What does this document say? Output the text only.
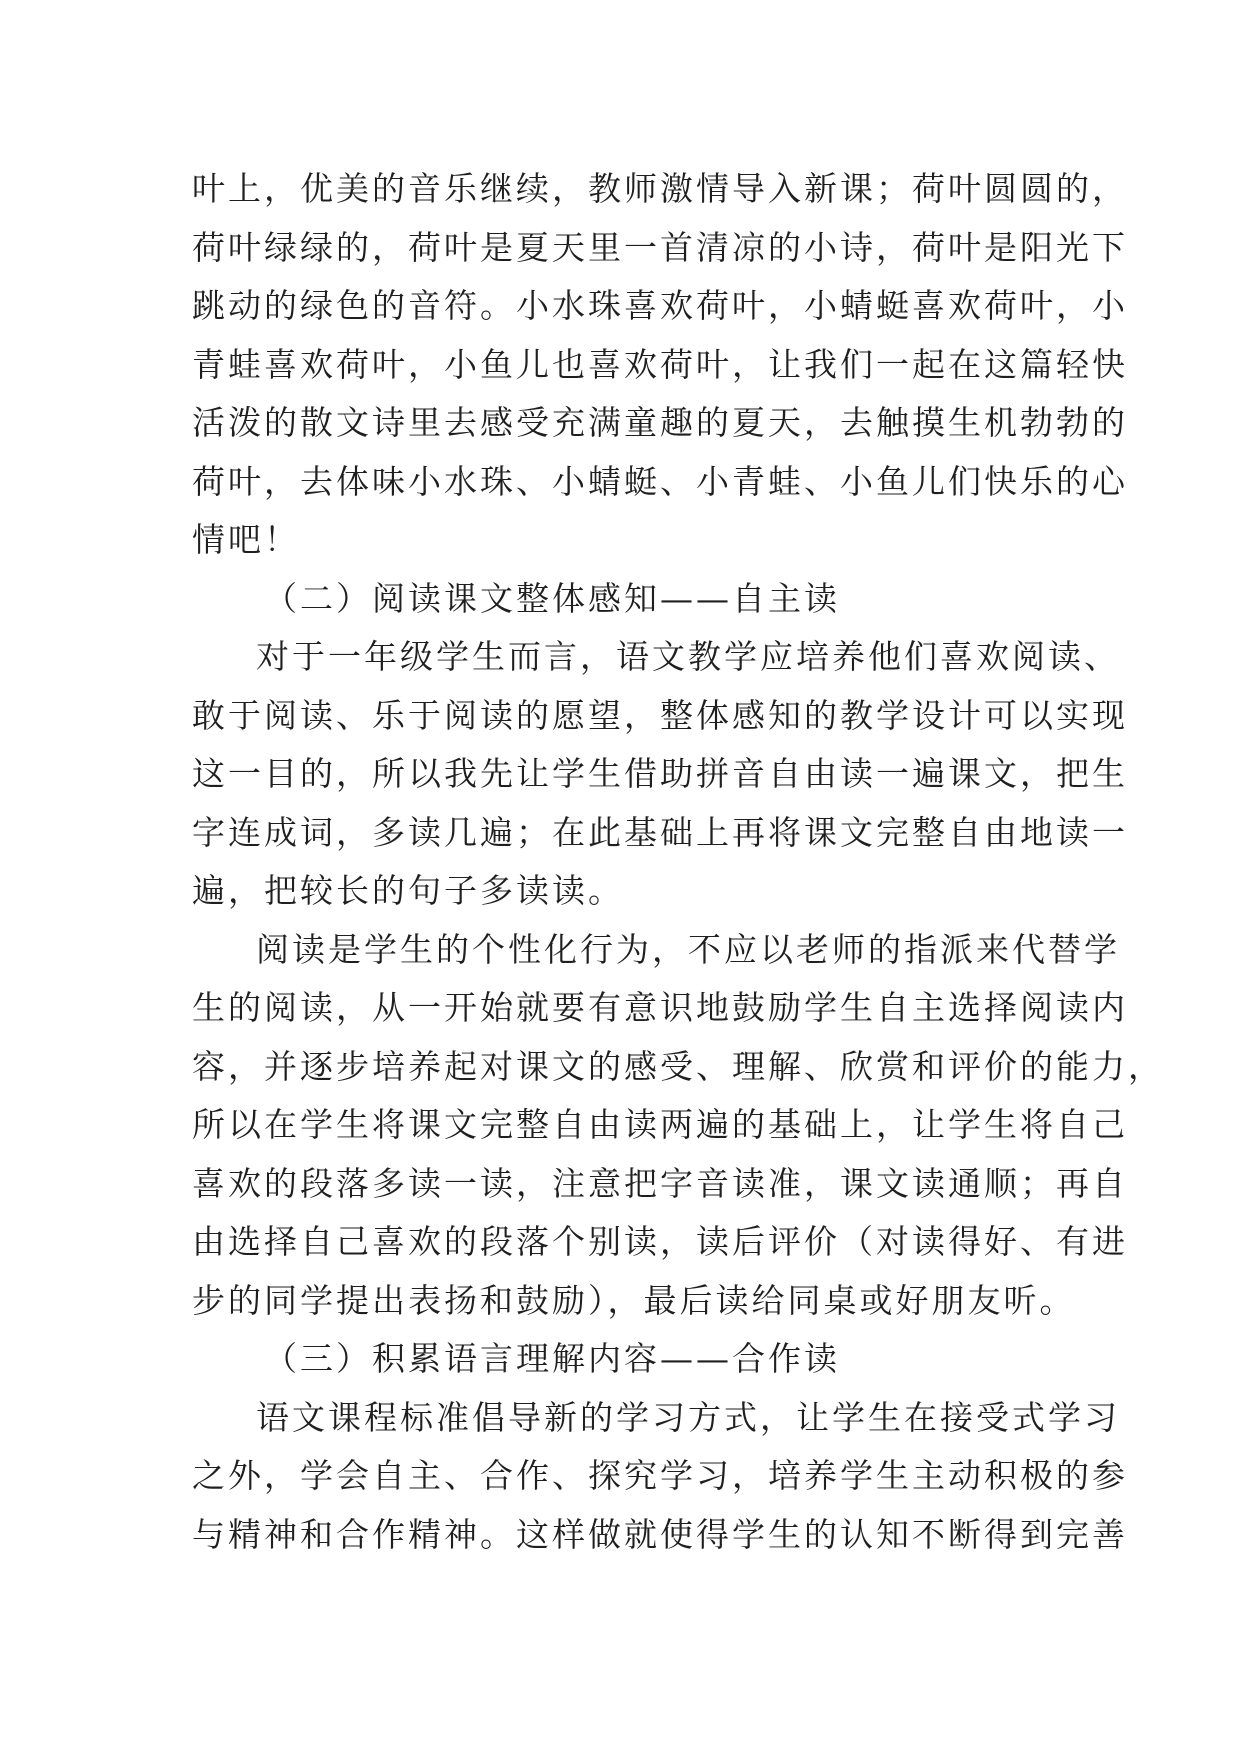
叶上，优美的音乐继续，教师激情导入新课；荷叶圆圆的，
荷叶绿绿的，荷叶是夏天里一首清凉的小诗，荷叶是阳光下
跳动的绿色的音符。小水珠喜欢荷叶，小蜻蜓喜欢荷叶，小
青蛙喜欢荷叶，小鱼儿也喜欢荷叶，让我们一起在这篇轻快
活泼的散文诗里去感受充满童趣的夏天，去触摸生机勃勃的
荷叶，去体味小水珠、小蜻蜓、小青蛙、小鱼儿们快乐的心
情吧！
（二）阅读课文整体感知——自主读
对于一年级学生而言，语文教学应培养他们喜欢阅读、
敢于阅读、乐于阅读的愿望，整体感知的教学设计可以实现
这一目的，所以我先让学生借助拼音自由读一遍课文，把生
字连成词，多读几遍；在此基础上再将课文完整自由地读一
遍，把较长的句子多读读。
阅读是学生的个性化行为，不应以老师的指派来代替学
生的阅读，从一开始就要有意识地鼓励学生自主选择阅读内
容，并逐步培养起对课文的感受、理解、欣赏和评价的能力，
所以在学生将课文完整自由读两遍的基础上，让学生将自己
喜欢的段落多读一读，注意把字音读准，课文读通顺；再自
由选择自己喜欢的段落个别读，读后评价（对读得好、有进
步的同学提出表扬和鼓励），最后读给同桌或好朋友听。
（三）积累语言理解内容——合作读
语文课程标准倡导新的学习方式，让学生在接受式学习
之外，学会自主、合作、探究学习，培养学生主动积极的参
与精神和合作精神。这样做就使得学生的认知不断得到完善
